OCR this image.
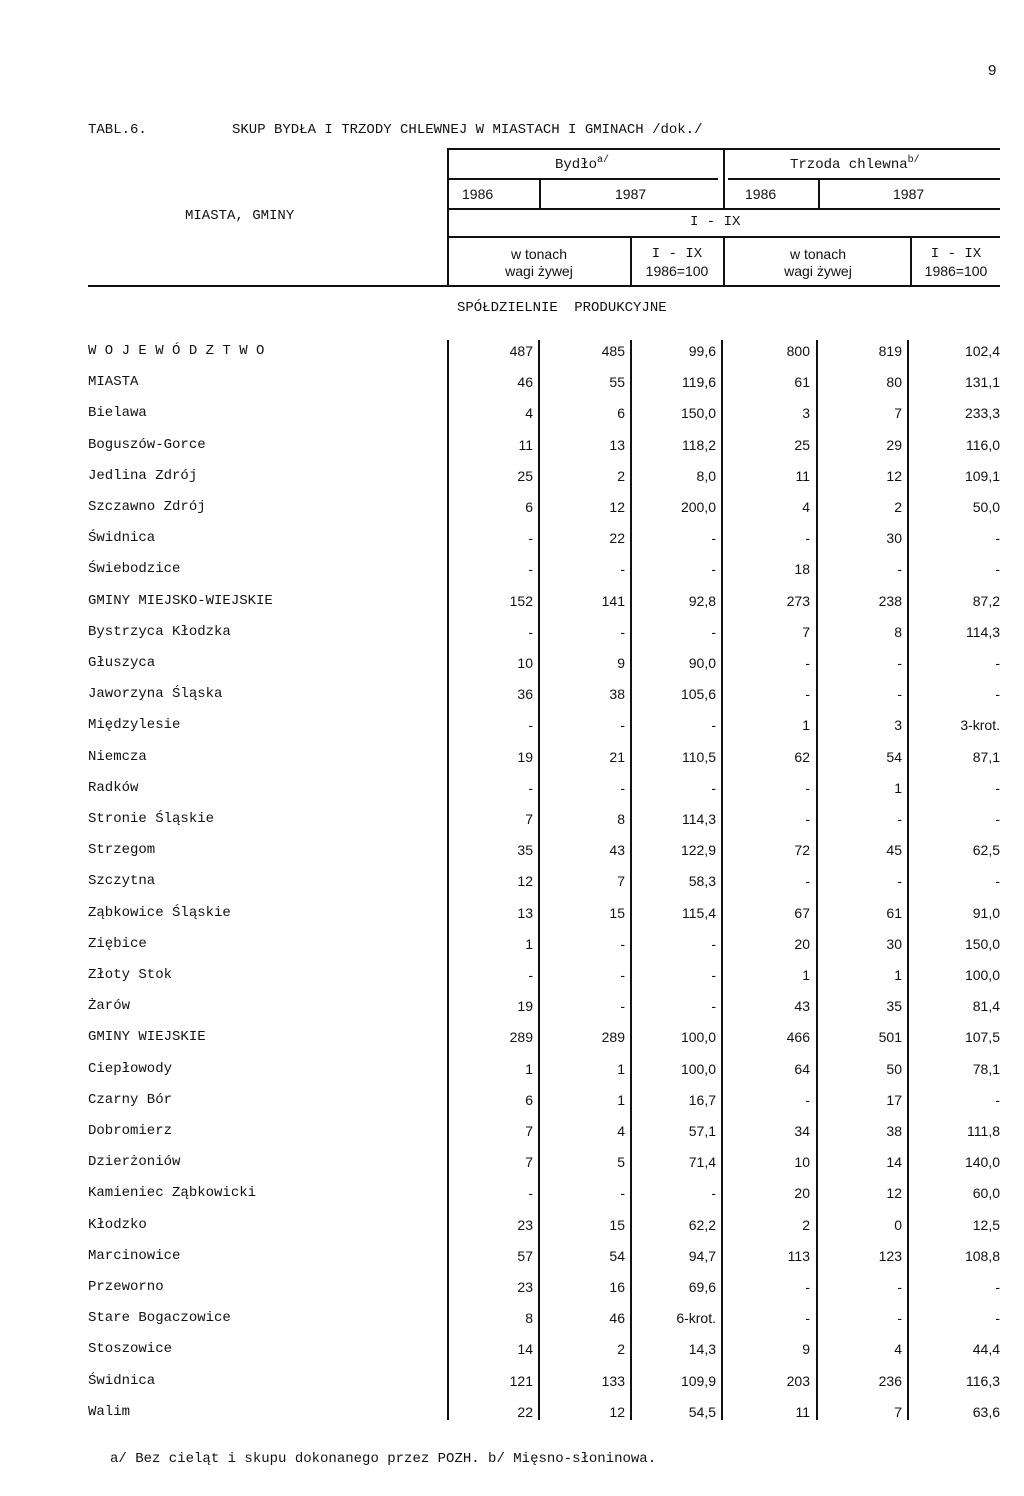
9
TABL.6.	SKUP BYDŁA I TRZODY CHLEWNEJ W MIASTACH I GMINACH /dok./
MIASTA, GMINY
Bydło$^{a/}$	Trzoda chlewna$^{b/}$
1986	1987	1986	1987
I - IX
w tonach
wagi żywej
I - IX
1986=100
w tonach
wagi żywej
I - IX
1986=100
SPÓŁDZIELNIE PRODUKCYJNE
W O J E W Ó D Z T W O	487	485	99,6	800	819	102,4
MIASTA	46	55	119,6	61	80	131,1
Bielawa	4	6	150,0	3	7	233,3
Boguszów-Gorce	11	13	118,2	25	29	116,0
Jedlina Zdrój	25	2	8,0	11	12	109,1
Szczawno Zdrój	6	12	200,0	4	2	50,0
Świdnica	-	22	-	-	30	-
Świebodzice	-	-	-	18	-	-
GMINY MIEJSKO-WIEJSKIE	152	141	92,8	273	238	87,2
Bystrzyca Kłodzka	-	-	-	7	8	114,3
Głuszyca	10	9	90,0	-	-	-
Jaworzyna Śląska	36	38	105,6	-	-	-
Międzylesie	-	-	-	1	3	3-krot.
Niemcza	19	21	110,5	62	54	87,1
Radków	-	-	-	-	1	-
Stronie Śląskie	7	8	114,3	-	-	-
Strzegom	35	43	122,9	72	45	62,5
Szczytna	12	7	58,3	-	-	-
Ząbkowice Śląskie	13	15	115,4	67	61	91,0
Ziębice	1	-	-	20	30	150,0
Złoty Stok	-	-	-	1	1	100,0
Żarów	19	-	-	43	35	81,4
GMINY WIEJSKIE	289	289	100,0	466	501	107,5
Ciepłowody	1	1	100,0	64	50	78,1
Czarny Bór	6	1	16,7	-	17	-
Dobromierz	7	4	57,1	34	38	111,8
Dzierżoniów	7	5	71,4	10	14	140,0
Kamieniec Ząbkowicki	-	-	-	20	12	60,0
Kłodzko	23	15	62,2	2	0	12,5
Marcinowice	57	54	94,7	113	123	108,8
Przeworno	23	16	69,6	-	-	-
Stare Bogaczowice	8	46	6-krot.	-	-	-
Stoszowice	14	2	14,3	9	4	44,4
Świdnica	121	133	109,9	203	236	116,3
Walim	22	12	54,5	11	7	63,6
a/ Bez cieląt i skupu dokonanego przez POZH. b/ Mięsno-słoninowa.
